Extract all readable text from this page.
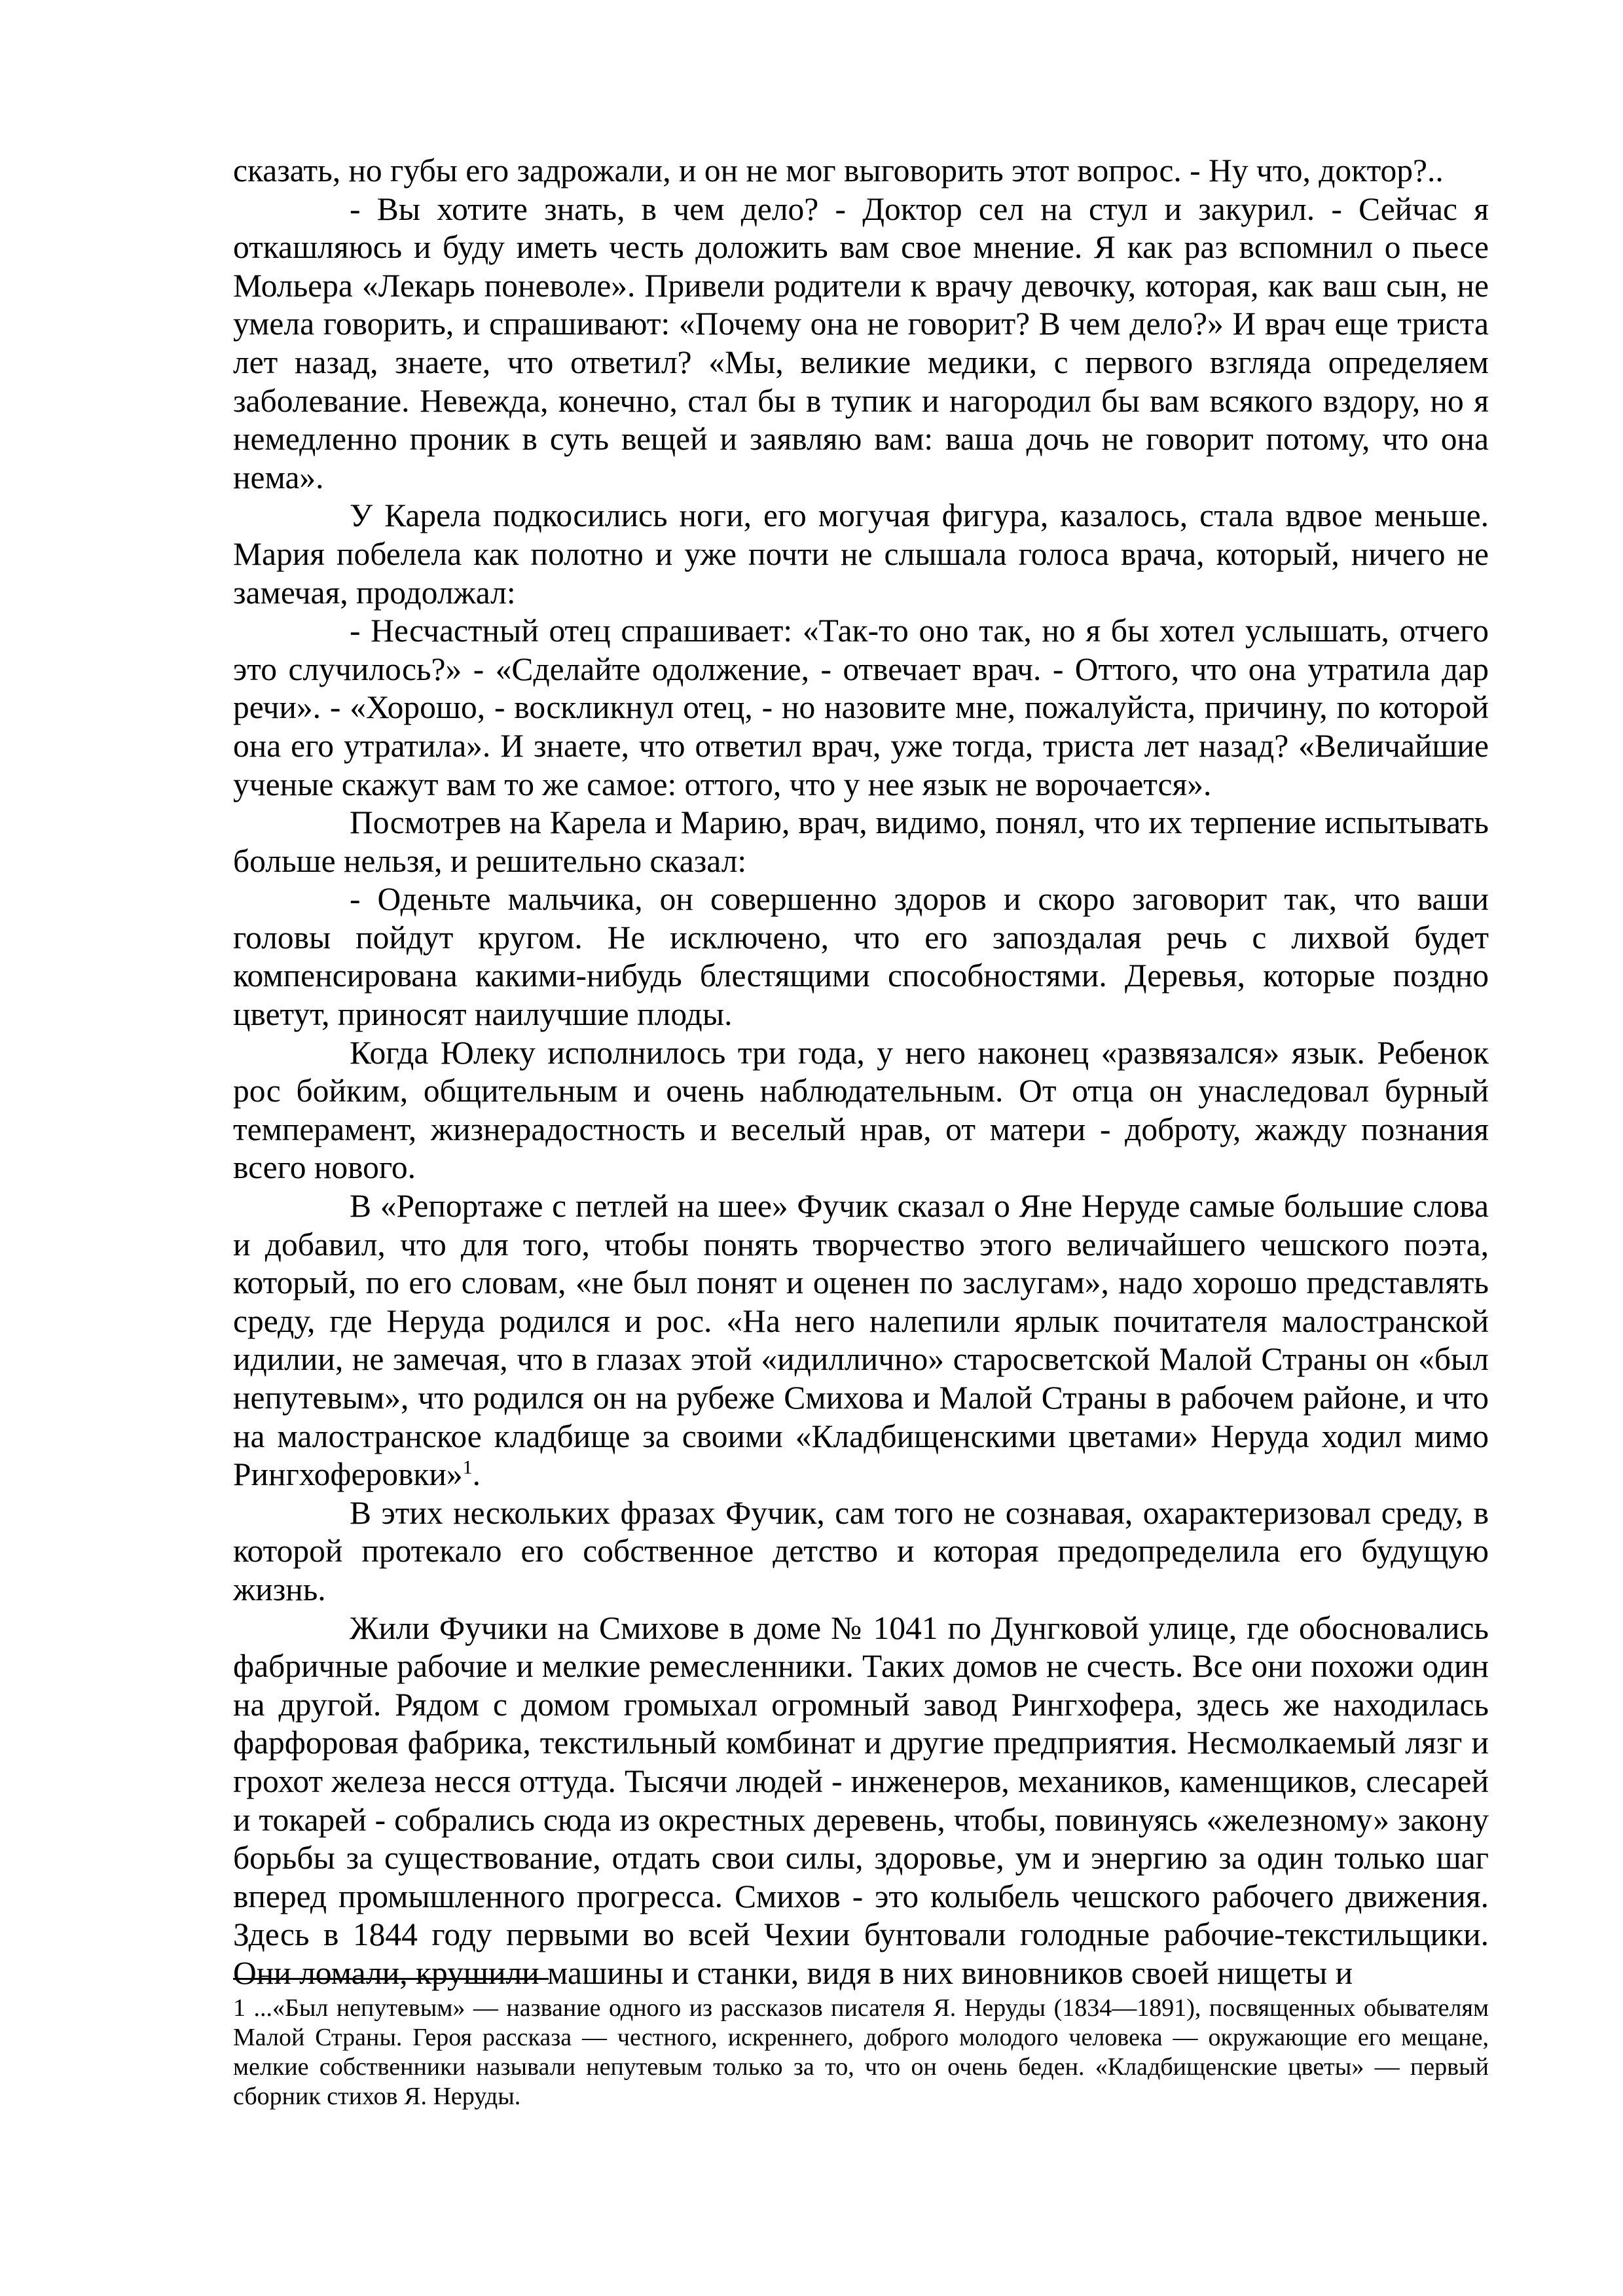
сказать, но губы его задрожали, и он не мог выговорить этот вопрос. - Ну что, доктор?..

- Вы хотите знать, в чем дело? - Доктор сел на стул и закурил. - Сейчас я откашляюсь и буду иметь честь доложить вам свое мнение. Я как раз вспомнил о пьесе Мольера «Лекарь поневоле». Привели родители к врачу девочку, которая, как ваш сын, не умела говорить, и спрашивают: «Почему она не говорит? В чем дело?» И врач еще триста лет назад, знаете, что ответил? «Мы, великие медики, с первого взгляда определяем заболевание. Невежда, конечно, стал бы в тупик и нагородил бы вам всякого вздору, но я немедленно проник в суть вещей и заявляю вам: ваша дочь не говорит потому, что она нема».

У Карела подкосились ноги, его могучая фигура, казалось, стала вдвое меньше. Мария побелела как полотно и уже почти не слышала голоса врача, который, ничего не замечая, продолжал:

- Несчастный отец спрашивает: «Так-то оно так, но я бы хотел услышать, отчего это случилось?» - «Сделайте одолжение, - отвечает врач. - Оттого, что она утратила дар речи». - «Хорошо, - воскликнул отец, - но назовите мне, пожалуйста, причину, по которой она его утратила». И знаете, что ответил врач, уже тогда, триста лет назад? «Величайшие ученые скажут вам то же самое: оттого, что у нее язык не ворочается».

Посмотрев на Карела и Марию, врач, видимо, понял, что их терпение испытывать больше нельзя, и решительно сказал:

- Оденьте мальчика, он совершенно здоров и скоро заговорит так, что ваши головы пойдут кругом. Не исключено, что его запоздалая речь с лихвой будет компенсирована какими-нибудь блестящими способностями. Деревья, которые поздно цветут, приносят наилучшие плоды.

Когда Юлеку исполнилось три года, у него наконец «развязался» язык. Ребенок рос бойким, общительным и очень наблюдательным. От отца он унаследовал бурный темперамент, жизнерадостность и веселый нрав, от матери - доброту, жажду познания всего нового.

В «Репортаже с петлей на шее» Фучик сказал о Яне Неруде самые большие слова и добавил, что для того, чтобы понять творчество этого величайшего чешского поэта, который, по его словам, «не был понят и оценен по заслугам», надо хорошо представлять среду, где Неруда родился и рос. «На него налепили ярлык почитателя малостранской идилии, не замечая, что в глазах этой «идиллично» старосветской Малой Страны он «был непутевым», что родился он на рубеже Смихова и Малой Страны в рабочем районе, и что на малостранское кладбище за своими «Кладбищенскими цветами» Неруда ходил мимо Рингхоферовки»$^1$.

В этих нескольких фразах Фучик, сам того не сознавая, охарактеризовал среду, в которой протекало его собственное детство и которая предопределила его будущую жизнь.

Жили Фучики на Смихове в доме № 1041 по Дунгковой улице, где обосновались фабричные рабочие и мелкие ремесленники. Таких домов не счесть. Все они похожи один на другой. Рядом с домом громыхал огромный завод Рингхофера, здесь же находилась фарфоровая фабрика, текстильный комбинат и другие предприятия. Несмолкаемый лязг и грохот железа несся оттуда. Тысячи людей - инженеров, механиков, каменщиков, слесарей и токарей - собрались сюда из окрестных деревень, чтобы, повинуясь «железному» закону борьбы за существование, отдать свои силы, здоровье, ум и энергию за один только шаг вперед промышленного прогресса. Смихов - это колыбель чешского рабочего движения. Здесь в 1844 году первыми во всей Чехии бунтовали голодные рабочие-текстильщики. Они ломали, крушили машины и станки, видя в них виновников своей нищеты и

1 ...«Был непутевым» — название одного из рассказов писателя Я. Неруды (1834—1891), посвященных обывателям Малой Страны. Героя рассказа — честного, искреннего, доброго молодого человека — окружающие его мещане, мелкие собственники называли непутевым только за то, что он очень беден. «Кладбищенские цветы» — первый сборник стихов Я. Неруды.
